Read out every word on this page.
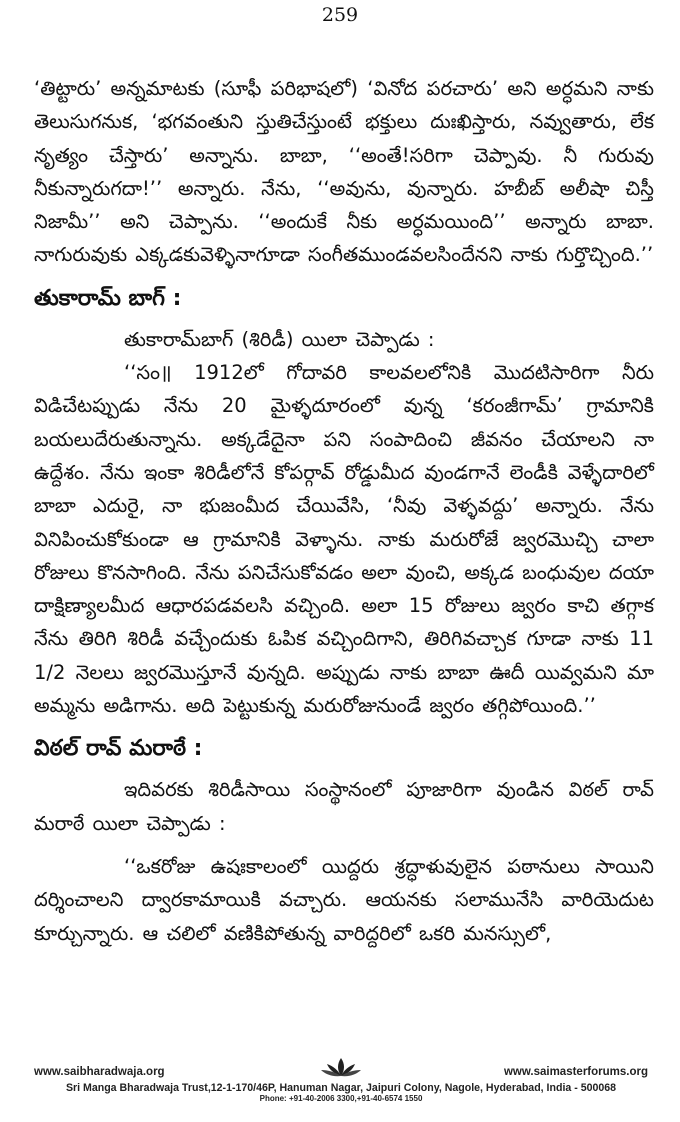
259

‘తిట్టారు’ అన్నమాటకు (సూఫీ పరిభాషలో) ‘వినోద పరచారు’ అని అర్ధమని నాకు తెలుసుగనుక, ‘భగవంతుని స్తుతిచేస్తుంటే భక్తులు దుఃఖిస్తారు, నవ్వుతారు, లేక నృత్యం చేస్తారు’ అన్నాను. బాబా, ‘‘అంతే!సరిగా చెప్పావు. నీ గురువు నీకున్నారుగదా!’’ అన్నారు. నేను, ‘‘అవును, వున్నారు. హబీబ్ అలీషా చిస్తీ నిజామీ’’ అని చెప్పాను. ‘‘అందుకే నీకు అర్ధమయింది’’ అన్నారు బాబా. నాగురువుకు ఎక్కడకువెళ్ళినాగూడా సంగీతముండవలసిందేనని నాకు గుర్తొచ్చింది.’’

తుకారామ్ బాగ్ :

తుకారామ్‌బాగ్ (శిరిడీ) యిలా చెప్పాడు :

‘‘సం॥ 1912లో గోదావరి కాలవలలోనికి మొదటిసారిగా నీరు విడిచేటప్పుడు నేను 20 మైళ్ళదూరంలో వున్న ‘కరంజీగామ్’ గ్రామానికి బయలుదేరుతున్నాను. అక్కడేదైనా పని సంపాదించి జీవనం చేయాలని నా ఉద్దేశం. నేను ఇంకా శిరిడీలోనే కోపర్గావ్ రోడ్డుమీద వుండగానే లెండీకి వెళ్ళేదారిలో బాబా ఎదురై, నా భుజంమీద చేయివేసి, ‘నీవు వెళ్ళవద్దు’ అన్నారు. నేను వినిపించుకోకుండా ఆ గ్రామానికి వెళ్ళాను. నాకు మరురోజే జ్వరమొచ్చి చాలా రోజులు కొనసాగింది. నేను పనిచేసుకోవడం అలా వుంచి, అక్కడ బంధువుల దయా దాక్షిణ్యాలమీద ఆధారపడవలసి వచ్చింది. అలా 15 రోజులు జ్వరం కాచి తగ్గాక నేను తిరిగి శిరిడీ వచ్చేందుకు ఓపిక వచ్చిందిగాని, తిరిగివచ్చాక గూడా నాకు 11 1/2 నెలలు జ్వరమొస్తూనే వున్నది. అప్పుడు నాకు బాబా ఊదీ యివ్వమని మా అమ్మను అడిగాను. అది పెట్టుకున్న మరురోజునుండే జ్వరం తగ్గిపోయింది.’’

విఠల్ రావ్ మరాఠే :

ఇదివరకు శిరిడీసాయి సంస్థానంలో పూజారిగా వుండిన విఠల్ రావ్ మరాఠే యిలా చెప్పాడు :

‘‘ఒకరోజు ఉషఃకాలంలో యిద్దరు శ్రద్ధాళువులైన పఠానులు సాయిని దర్శించాలని ద్వారకామాయికి వచ్చారు. ఆయనకు సలామునేసి వారియెదుట కూర్చున్నారు. ఆ చలిలో వణికిపోతున్న వారిద్దరిలో ఒకరి మనస్సులో,

www.saibharadwaja.org	www.saimasterforums.org
Sri Manga Bharadwaja Trust,12-1-170/46P, Hanuman Nagar, Jaipuri Colony, Nagole, Hyderabad, India - 500068
Phone: +91-40-2006 3300,+91-40-6574 1550
